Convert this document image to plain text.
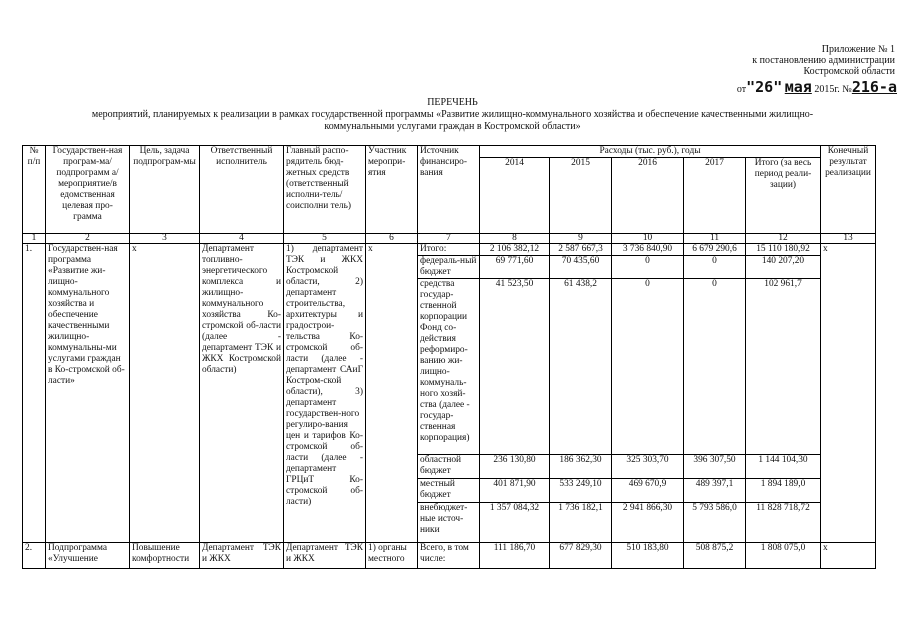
Приложение № 1
к постановлению администрации
Костромской области
от"26" мая 2015г. №216-а
ПЕРЕЧЕНЬ
мероприятий, планируемых к реализации в рамках государственной программы «Развитие жилищно-коммунального хозяйства и обеспечение качественными жилищно-
коммунальными услугами граждан в Костромской области»
№ п/п	Государствен-ная програм-ма/подпрограмм а/мероприятие/в едомственная целевая про-грамма	Цель, задача подпрограм-мы	Ответственный исполнитель	Главный распо-рядитель бюд-жетных средств (ответственный исполни-тель/соисполни тель)	Участник меропри-ятия	Источник финансиро-вания	Расходы (тыс. руб.), годы					Конечный результат реализации
							2014	2015	2016	2017	Итого (за весь период реали-зации)	
1	2	3	4	5	6	7	8	9	10	11	12	13
1.	Государствен-ная программа «Развитие жи-лищно-коммунального хозяйства и обеспечение качественными жилищно-коммунальны-ми услугами граждан в Ко-стромской об-ласти»	х	Департамент топливно-энергетического комплекса и жилищно-коммунального хозяйства Ко-стромской об-ласти (далее - департамент ТЭК и ЖКХ Костромской области)	1) департамент ТЭК и ЖКХ Костромской области, 2) департамент строительства, архитектуры и градострои-тельства Ко-стромской об-ласти (далее - департамент САиГ Костром-ской области), 3) департамент государствен-ного регулиро-вания цен и тарифов Ко-стромской об-ласти (далее - департамент ГРЦиТ Ко-стромской об-ласти)	х	Итого:	2 106 382,12	2 587 667,3	3 736 840,90	6 679 290,6	15 110 180,92	х
						федераль-ный бюджет	69 771,60	70 435,60	0	0	140 207,20	
						средства государ-ственной корпорации Фонд со-действия реформиро-ванию жи-лищно-коммуналь-ного хозяй-ства (далее - государ-ственная корпорация)	41 523,50	61 438,2	0	0	102 961,7	
						областной бюджет	236 130,80	186 362,30	325 303,70	396 307,50	1 144 104,30	
						местный бюджет	401 871,90	533 249,10	469 670,9	489 397,1	1 894 189,0	
						внебюджет-ные источ-ники	1 357 084,32	1 736 182,1	2 941 866,30	5 793 586,0	11 828 718,72	
2.	Подпрограмма «Улучшение	Повышение комфортности	Департамент ТЭК и ЖКХ	Департамент ТЭК и ЖКХ	1) органы местного	Всего, в том числе:	111 186,70	677 829,30	510 183,80	508 875,2	1 808 075,0	х
